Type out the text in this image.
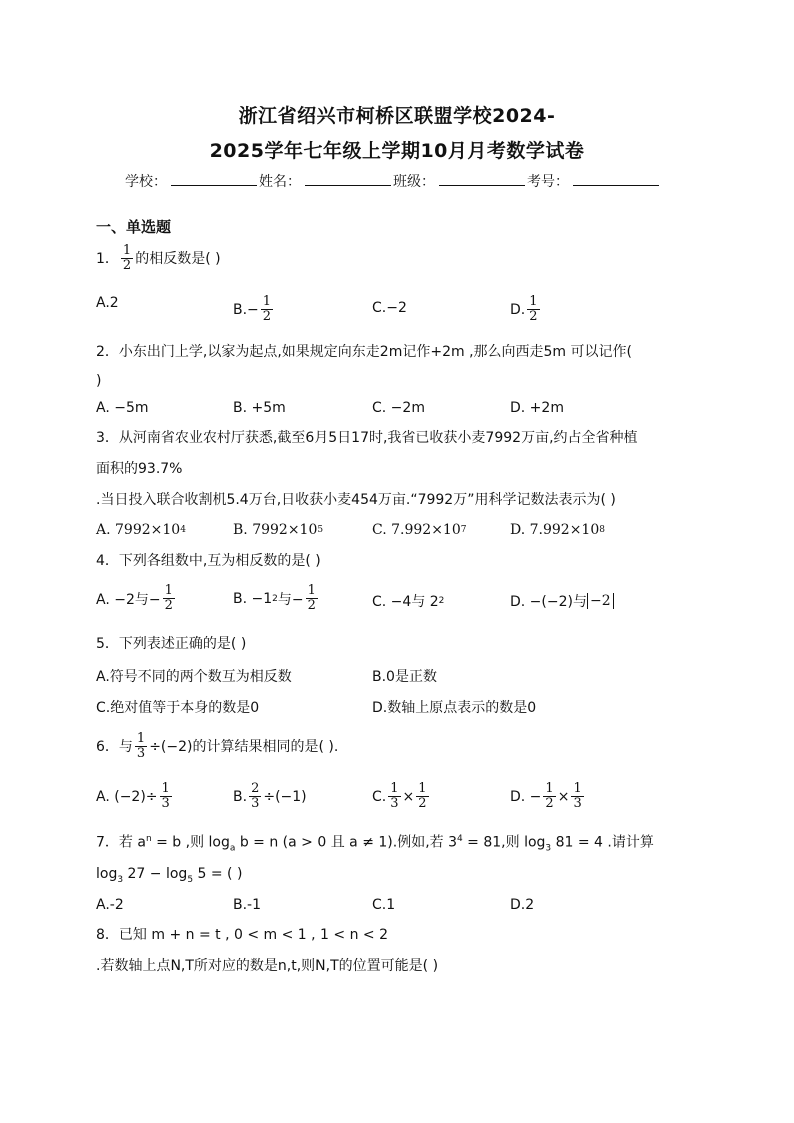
浙江省绍兴市柯桥区联盟学校2024-
2025学年七年级上学期10月月考数学试卷
学校：	姓名：	班级：	考号：
一、单选题
1． $\frac{1}{2}$ 的相反数是( )
A.2	$B.- \frac{1}{2}$	C.−2	D. $\frac{1}{2}$
2．小东出门上学,以家为起点,如果规定向东走2m记作+2m ,那么向西走5m 可以记作(
)
A. −5m	B. +5m	C. −2m	D. +2m
3．从河南省农业农村厅获悉,截至6月5日17时,我省已收获小麦7992万亩,约占全省种植
面积的93.7%
.当日投入联合收割机5.4万台,日收获小麦454万亩.“7992万”用科学记数法表示为( )
A. 7992×10 4	B. 7992×10 5	C. 7.992×10 7	D. 7.992×10 8
4．下列各组数中,互为相反数的是( )
A. −2与− $\frac{1}{2}$	B. −1 2 与− $\frac{1}{2}$	C. −4与 2 2	D. −(−2)与 −2
5．下列表述正确的是( )
A.符号不同的两个数互为相反数	B.0是正数
C.绝对值等于本身的数是0	D.数轴上原点表示的数是0
6．与 $\frac{1}{3} \div(-2)$的计算结果相同的是( ).
A. $(-2)\div \frac{1}{3}$	B. $\frac{2}{3} \div(-1)$	C. $\frac{1}{3} \times \frac{1}{2}$	D. − $\frac{1}{2} \times \frac{1}{3}$
7．若 $a^n = b$ ,则 $\log_a b = n$ (a > 0 且 a ≠ 1).例如,若 $3^4 = 81$,则 $\log_3 81 = 4$ .请计算
$\log_3 27 - \log_5 5$ = ( )
A.-2	B.-1	C.1	D.2
8．已知 m + n = t , 0 < m < 1 , 1 < n < 2
.若数轴上点N,T所对应的数是n,t,则N,T的位置可能是( )
